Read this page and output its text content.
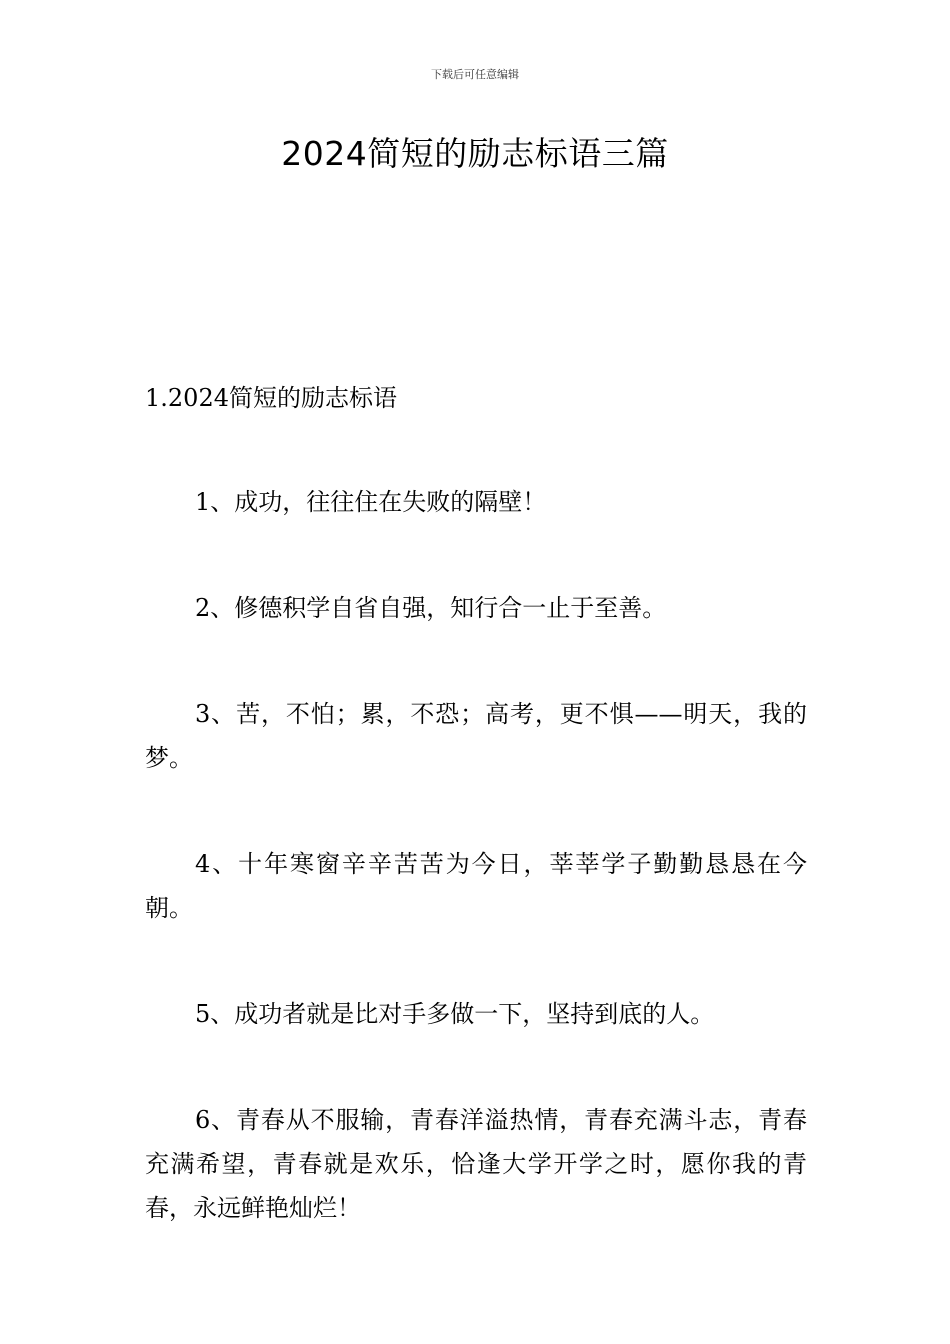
下载后可任意编辑
2024简短的励志标语三篇
1.2024简短的励志标语

1、成功，往往住在失败的隔壁！

2、修德积学自省自强，知行合一止于至善。

3、苦，不怕；累，不恐；高考，更不惧——明天，我的梦。

4、十年寒窗辛辛苦苦为今日，莘莘学子勤勤恳恳在今朝。

5、成功者就是比对手多做一下，坚持到底的人。

6、青春从不服输，青春洋溢热情，青春充满斗志，青春充满希望，青春就是欢乐，恰逢大学开学之时，愿你我的青春，永远鲜艳灿烂！
